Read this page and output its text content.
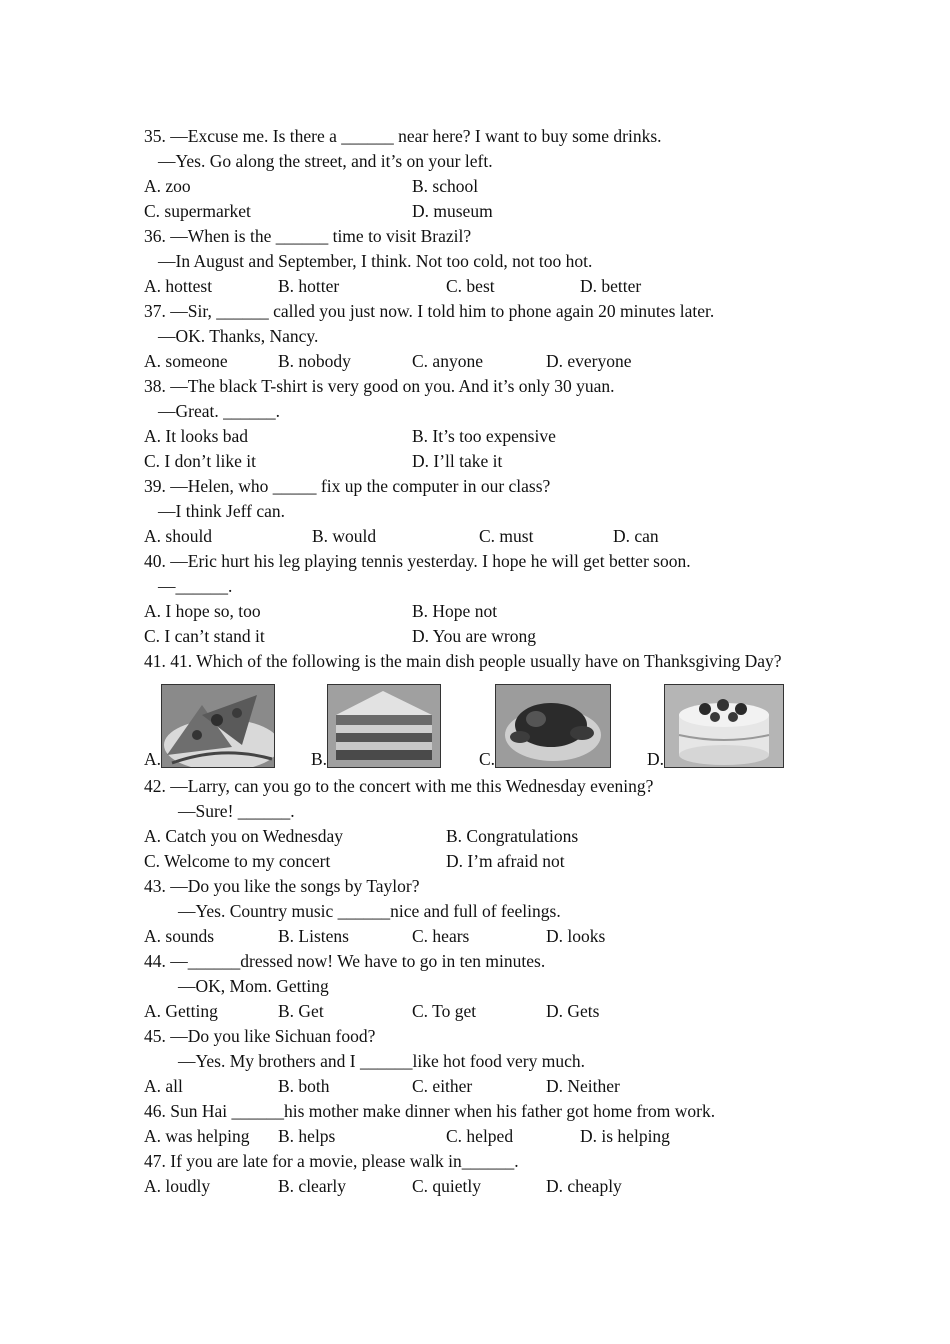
35. —Excuse me. Is there a ______ near here? I want to buy some drinks.
—Yes. Go along the street, and it’s on your left.
A. zoo	B. school
C. supermarket	D. museum
36. —When is the ______ time to visit Brazil?
—In August and September, I think. Not too cold, not too hot.
A. hottest	B. hotter	C. best	D. better
37. —Sir, ______ called you just now. I told him to phone again 20 minutes later.
—OK. Thanks, Nancy.
A. someone	B. nobody	C. anyone	D. everyone
38. —The black T-shirt is very good on you. And it’s only 30 yuan.
—Great. ______.
A. It looks bad	B. It’s too expensive
C. I don’t like it	D. I’ll take it
39. —Helen, who _____ fix up the computer in our class?
—I think Jeff can.
A. should	B. would	C. must	D. can
40. —Eric hurt his leg playing tennis yesterday. I hope he will get better soon.
—______.
A. I hope so, too	B. Hope not
C. I can’t stand it	D. You are wrong
41. 41. Which of the following is the main dish people usually have on Thanksgiving Day?
A.	B.	C.	D.
42. —Larry, can you go to the concert with me this Wednesday evening?
—Sure! ______.
A. Catch you on Wednesday	B. Congratulations
C. Welcome to my concert	D. I’m afraid not
43. —Do you like the songs by Taylor?
—Yes. Country music ______nice and full of feelings.
A. sounds	B. Listens	C. hears	D. looks
44. —______dressed now! We have to go in ten minutes.
—OK, Mom. Getting
A. Getting	B. Get	C. To get	D. Gets
45. —Do you like Sichuan food?
—Yes. My brothers and I ______like hot food very much.
A. all	B. both	C. either	D. Neither
46. Sun Hai ______his mother make dinner when his father got home from work.
A. was helping B. helps	C. helped	D. is helping
47. If you are late for a movie, please walk in______.
A. loudly	B. clearly	C. quietly	D. cheaply
